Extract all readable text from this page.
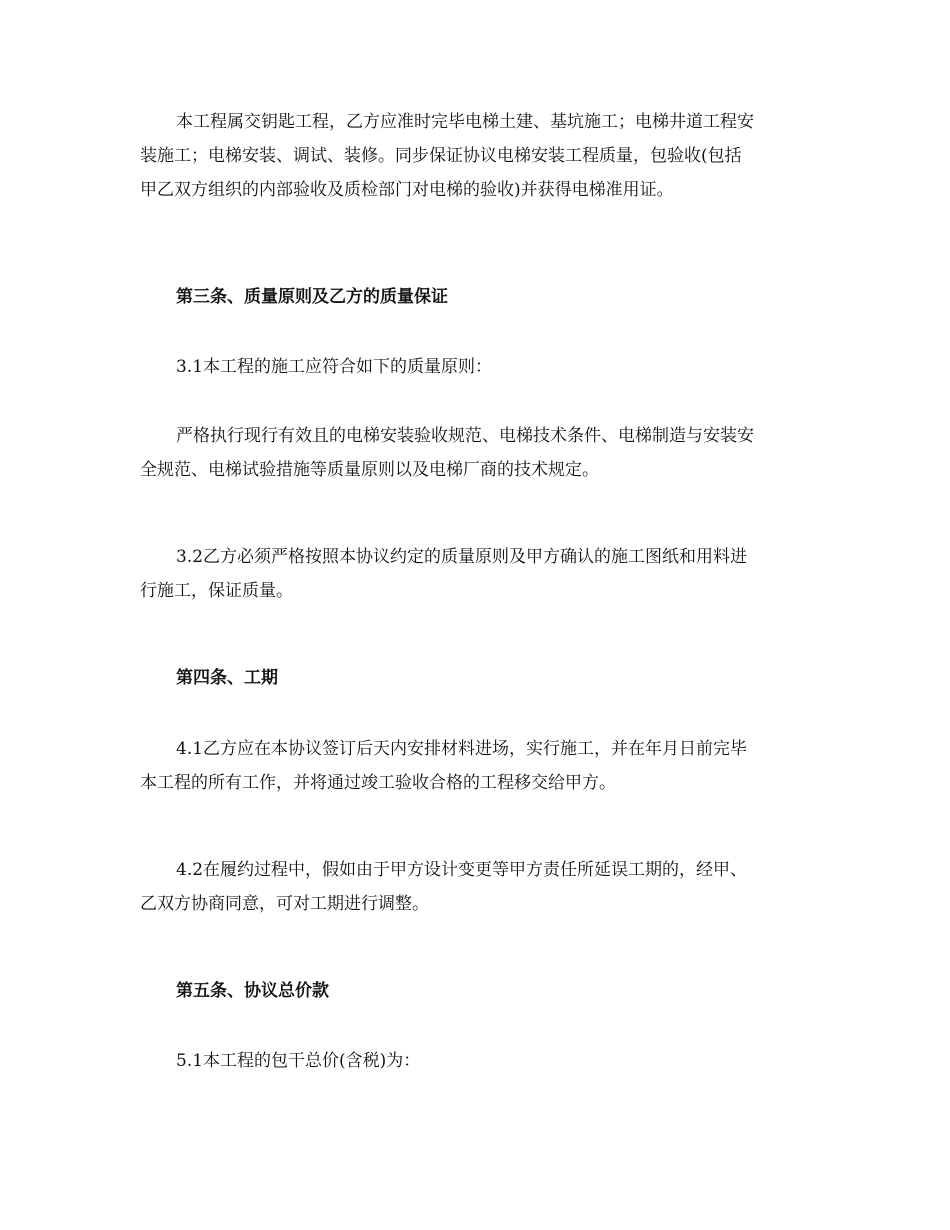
本工程属交钥匙工程，乙方应准时完毕电梯土建、基坑施工；电梯井道工程安
装施工；电梯安装、调试、装修。同步保证协议电梯安装工程质量，包验收(包括
甲乙双方组织的内部验收及质检部门对电梯的验收)并获得电梯准用证。

第三条、质量原则及乙方的质量保证

3.1本工程的施工应符合如下的质量原则：

严格执行现行有效且的电梯安装验收规范、电梯技术条件、电梯制造与安装安
全规范、电梯试验措施等质量原则以及电梯厂商的技术规定。

3.2乙方必须严格按照本协议约定的质量原则及甲方确认的施工图纸和用料进
行施工，保证质量。

第四条、工期

4.1乙方应在本协议签订后天内安排材料进场，实行施工，并在年月日前完毕
本工程的所有工作，并将通过竣工验收合格的工程移交给甲方。

4.2在履约过程中，假如由于甲方设计变更等甲方责任所延误工期的，经甲、
乙双方协商同意，可对工期进行调整。

第五条、协议总价款

5.1本工程的包干总价(含税)为：
